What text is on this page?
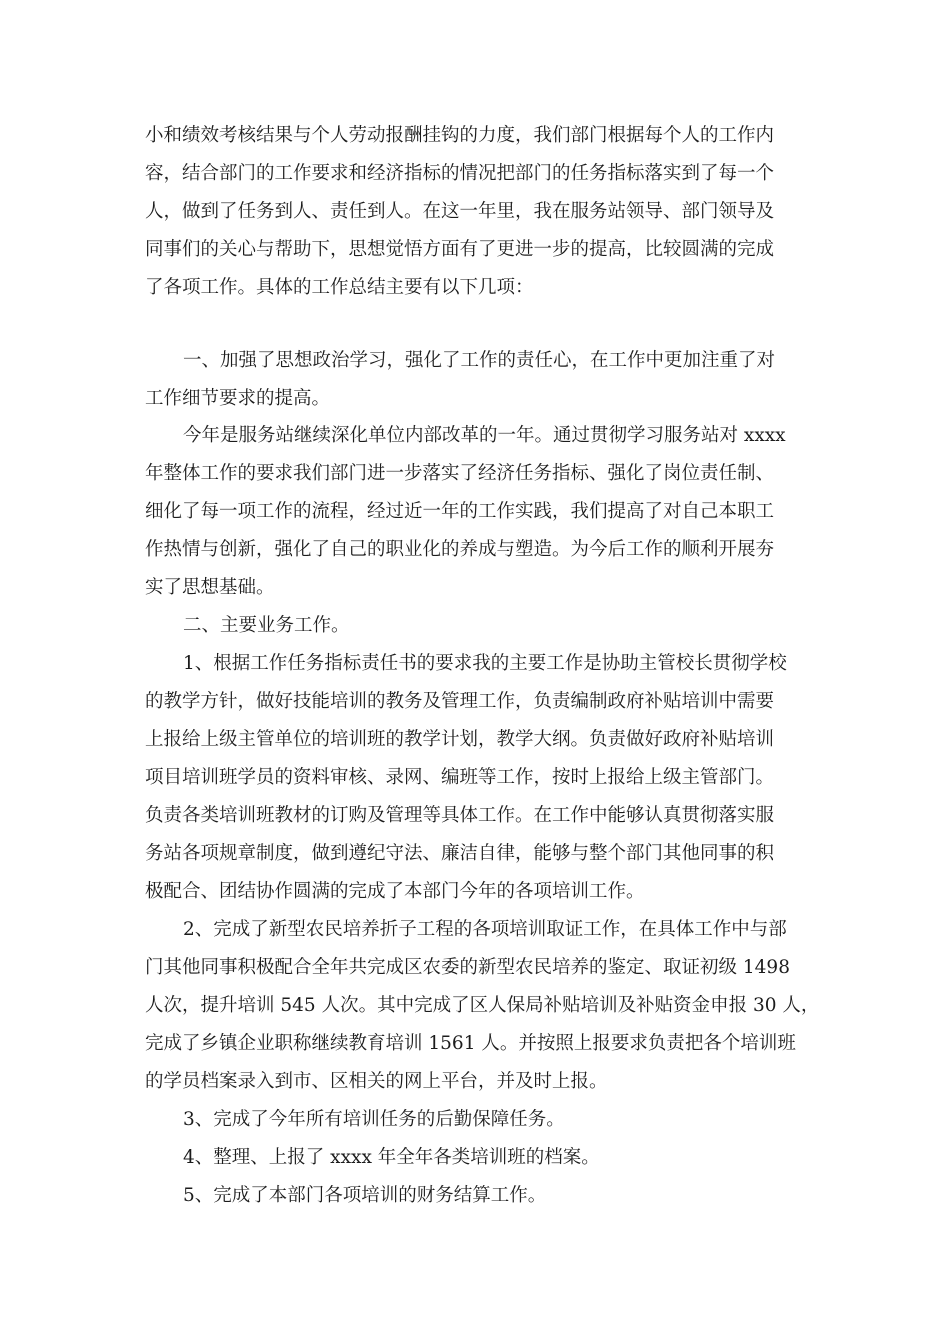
小和绩效考核结果与个人劳动报酬挂钩的力度，我们部门根据每个人的工作内
容，结合部门的工作要求和经济指标的情况把部门的任务指标落实到了每一个
人，做到了任务到人、责任到人。在这一年里，我在服务站领导、部门领导及
同事们的关心与帮助下，思想觉悟方面有了更进一步的提高，比较圆满的完成
了各项工作。具体的工作总结主要有以下几项：
一、加强了思想政治学习，强化了工作的责任心，在工作中更加注重了对
工作细节要求的提高。
今年是服务站继续深化单位内部改革的一年。通过贯彻学习服务站对 xxxx
年整体工作的要求我们部门进一步落实了经济任务指标、强化了岗位责任制、
细化了每一项工作的流程，经过近一年的工作实践，我们提高了对自己本职工
作热情与创新，强化了自己的职业化的养成与塑造。为今后工作的顺利开展夯
实了思想基础。
二、主要业务工作。
1、根据工作任务指标责任书的要求我的主要工作是协助主管校长贯彻学校
的教学方针，做好技能培训的教务及管理工作，负责编制政府补贴培训中需要
上报给上级主管单位的培训班的教学计划，教学大纲。负责做好政府补贴培训
项目培训班学员的资料审核、录网、编班等工作，按时上报给上级主管部门。
负责各类培训班教材的订购及管理等具体工作。在工作中能够认真贯彻落实服
务站各项规章制度，做到遵纪守法、廉洁自律，能够与整个部门其他同事的积
极配合、团结协作圆满的完成了本部门今年的各项培训工作。
2、完成了新型农民培养折子工程的各项培训取证工作，在具体工作中与部
门其他同事积极配合全年共完成区农委的新型农民培养的鉴定、取证初级 1498
人次，提升培训 545 人次。其中完成了区人保局补贴培训及补贴资金申报 30 人，
完成了乡镇企业职称继续教育培训 1561 人。并按照上报要求负责把各个培训班
的学员档案录入到市、区相关的网上平台，并及时上报。
3、完成了今年所有培训任务的后勤保障任务。
4、整理、上报了 xxxx 年全年各类培训班的档案。
5、完成了本部门各项培训的财务结算工作。
